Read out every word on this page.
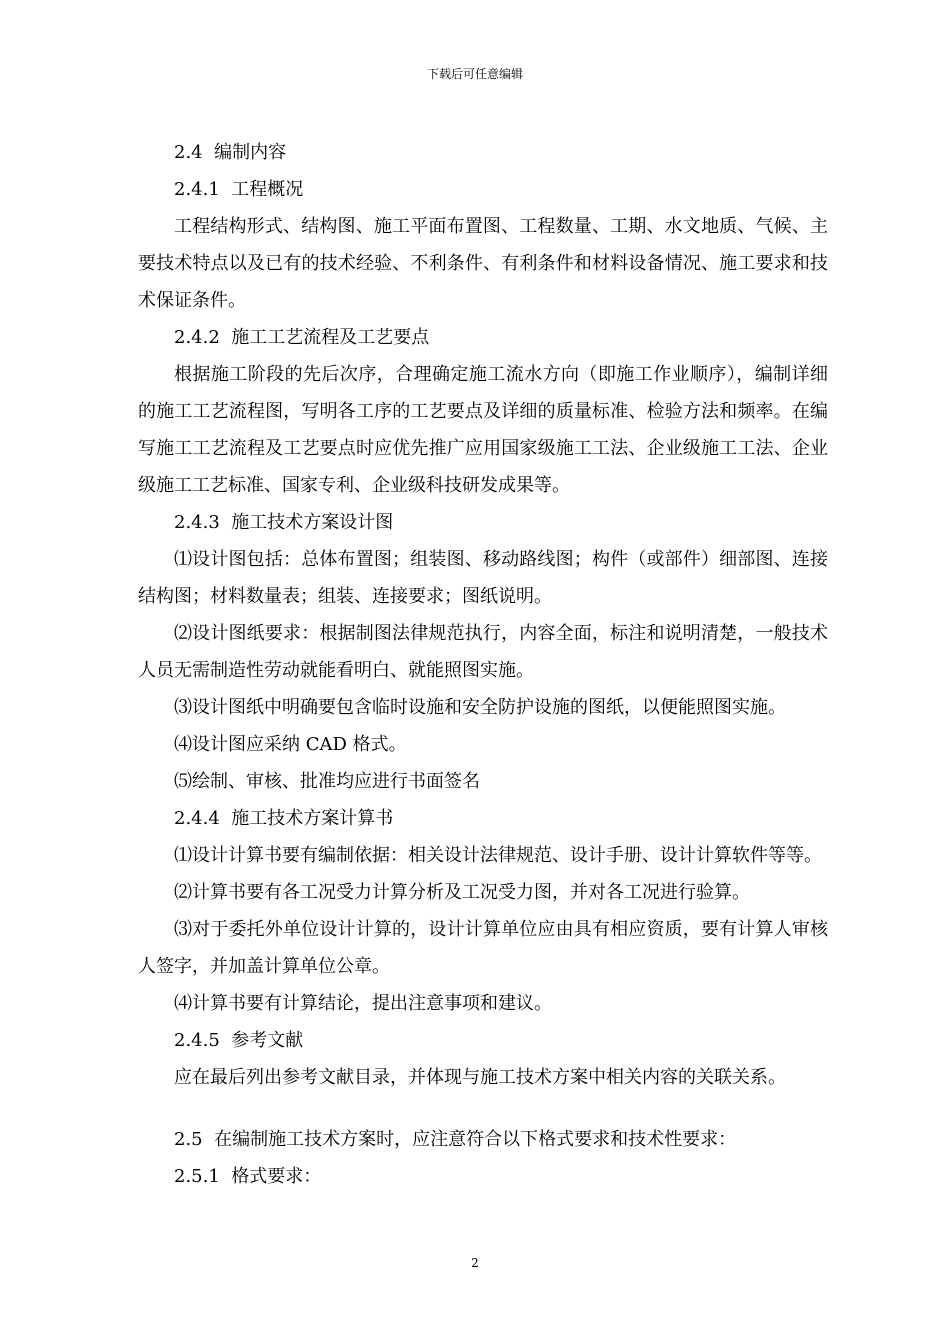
下载后可任意编辑

2.4  编制内容

2.4.1  工程概况

工程结构形式、结构图、施工平面布置图、工程数量、工期、水文地质、气候、主要技术特点以及已有的技术经验、不利条件、有利条件和材料设备情况、施工要求和技术保证条件。

2.4.2  施工工艺流程及工艺要点

根据施工阶段的先后次序，合理确定施工流水方向（即施工作业顺序），编制详细的施工工艺流程图，写明各工序的工艺要点及详细的质量标准、检验方法和频率。在编写施工工艺流程及工艺要点时应优先推广应用国家级施工工法、企业级施工工法、企业级施工工艺标准、国家专利、企业级科技研发成果等。

2.4.3  施工技术方案设计图

⑴设计图包括：总体布置图；组装图、移动路线图；构件（或部件）细部图、连接结构图；材料数量表；组装、连接要求；图纸说明。

⑵设计图纸要求：根据制图法律规范执行，内容全面，标注和说明清楚，一般技术人员无需制造性劳动就能看明白、就能照图实施。

⑶设计图纸中明确要包含临时设施和安全防护设施的图纸，以便能照图实施。

⑷设计图应采纳 CAD 格式。

⑸绘制、审核、批准均应进行书面签名

2.4.4  施工技术方案计算书

⑴设计计算书要有编制依据：相关设计法律规范、设计手册、设计计算软件等等。

⑵计算书要有各工况受力计算分析及工况受力图，并对各工况进行验算。

⑶对于委托外单位设计计算的，设计计算单位应由具有相应资质，要有计算人审核人签字，并加盖计算单位公章。

⑷计算书要有计算结论，提出注意事项和建议。

2.4.5  参考文献

应在最后列出参考文献目录，并体现与施工技术方案中相关内容的关联关系。

2.5  在编制施工技术方案时，应注意符合以下格式要求和技术性要求：

2.5.1  格式要求：

2
